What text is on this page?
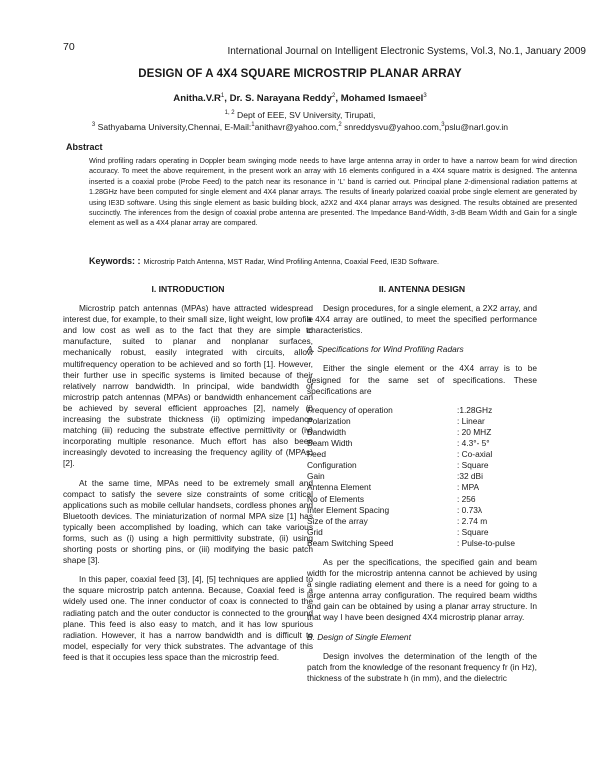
70	International Journal on Intelligent Electronic Systems, Vol.3, No.1, January 2009
DESIGN OF A 4X4 SQUARE MICROSTRIP PLANAR ARRAY
$Anitha.V.R^1$, Dr. S. Narayana Reddy$^2$, Mohamed Ismaeel$^3$
$^{1, 2}$ Dept of EEE, SV University, Tirupati,
$^3$ Sathyabama University,Chennai, E-Mail:$^1$anithavr@yahoo.com,$^2$ snreddysvu@yahoo.com,$^3$pslu@narl.gov.in
Abstract

Wind profiling radars operating in Doppler beam swinging mode needs to have large antenna array in order to have a narrow beam for wind direction accuracy. To meet the above requirement, in the present work an array with 16 elements configured in a 4X4 square matrix is designed. The antenna inserted is a coaxial probe (Probe Feed) to the patch near its resonance in 'L' band is carried out. Principal plane 2-dimensional radiation patterns at 1.28GHz have been computed for single element and 4X4 planar arrays. The results of linearly polarized coaxial probe single element are generated by using IE3D software. Using this single element as basic building block, a2X2 and 4X4 planar arrays was designed. The results obtained are presented succinctly. The inferences from the design of coaxial probe antenna are presented. The Impedance Band-Width, 3-dB Beam Width and Gain for a single element as well as a 4X4 planar array are compared.

Keywords: : Microstrip Patch Antenna, MST Radar, Wind Profiling Antenna, Coaxial Feed, IE3D Software.
I. INTRODUCTION

Microstrip patch antennas (MPAs) have attracted widespread interest due, for example, to their small size, light weight, low profile and low cost as well as to the fact that they are simple to manufacture, suited to planar and nonplanar surfaces, mechanically robust, easily integrated with circuits, allow multifrequency operation to be achieved and so forth [1]. However, their further use in specific systems is limited because of their relatively narrow bandwidth. In principal, wide bandwidth of microstrip patch antennas (MPAs) or bandwidth enhancement can be achieved by several efficient approaches [2], namely (i) increasing the substrate thickness (ii) optimizing impedance matching (iii) reducing the substrate effective permittivity or (iv) incorporating multiple resonance. Much effort has also been increasingly devoted to increasing the frequency agility of (MPAs) [2].

At the same time, MPAs need to be extremely small and compact to satisfy the severe size constraints of some critical applications such as mobile cellular handsets, cordless phones and Bluetooth devices. The miniaturization of normal MPA size [1] has typically been accomplished by loading, which can take various forms, such as (i) using a high permittivity substrate, (ii) using shorting posts or shorting pins, or (iii) modifying the basic patch shape [3].

In this paper, coaxial feed [3], [4], [5] techniques are applied to the square microstrip patch antenna. Because, Coaxial feed is a widely used one. The inner conductor of coax is connected to the radiating patch and the outer conductor is connected to the ground plane. This feed is also easy to match, and it has low spurious radiation. However, it has a narrow bandwidth and is difficult to model, especially for very thick substrates. The advantage of this feed is that it occupies less space than the microstrip feed.

II. ANTENNA DESIGN

Design procedures, for a single element, a 2X2 array, and a 4X4 array are outlined, to meet the specified performance characteristics.

A. Specifications for Wind Profiling Radars

Either the single element or the 4X4 array is to be designed for the same set of specifications. These specifications are

Frequency of operation	:1.28GHz
Polarization	: Linear
Bandwidth	: 20 MHZ
Beam Width	: 4.3°- 5°
Feed	: Co-axial
Configuration	: Square
Gain	:32 dBi
Antenna Element	: MPA
No of Elements	: 256
Inter Element Spacing	: 0.73λ
Size of the array	: 2.74 m
Grid	: Square
Beam Switching Speed	: Pulse-to-pulse

As per the specifications, the specified gain and beam width for the microstrip antenna cannot be achieved by using a single radiating element and there is a need for going to a large antenna array configuration. The required beam widths and gain can be obtained by using a planar array structure. In that way I have been designed 4X4 microstrip planar array.

B. Design of Single Element

Design involves the determination of the length of the patch from the knowledge of the resonant frequency fr (in Hz), thickness of the substrate h (in mm), and the dielectric
